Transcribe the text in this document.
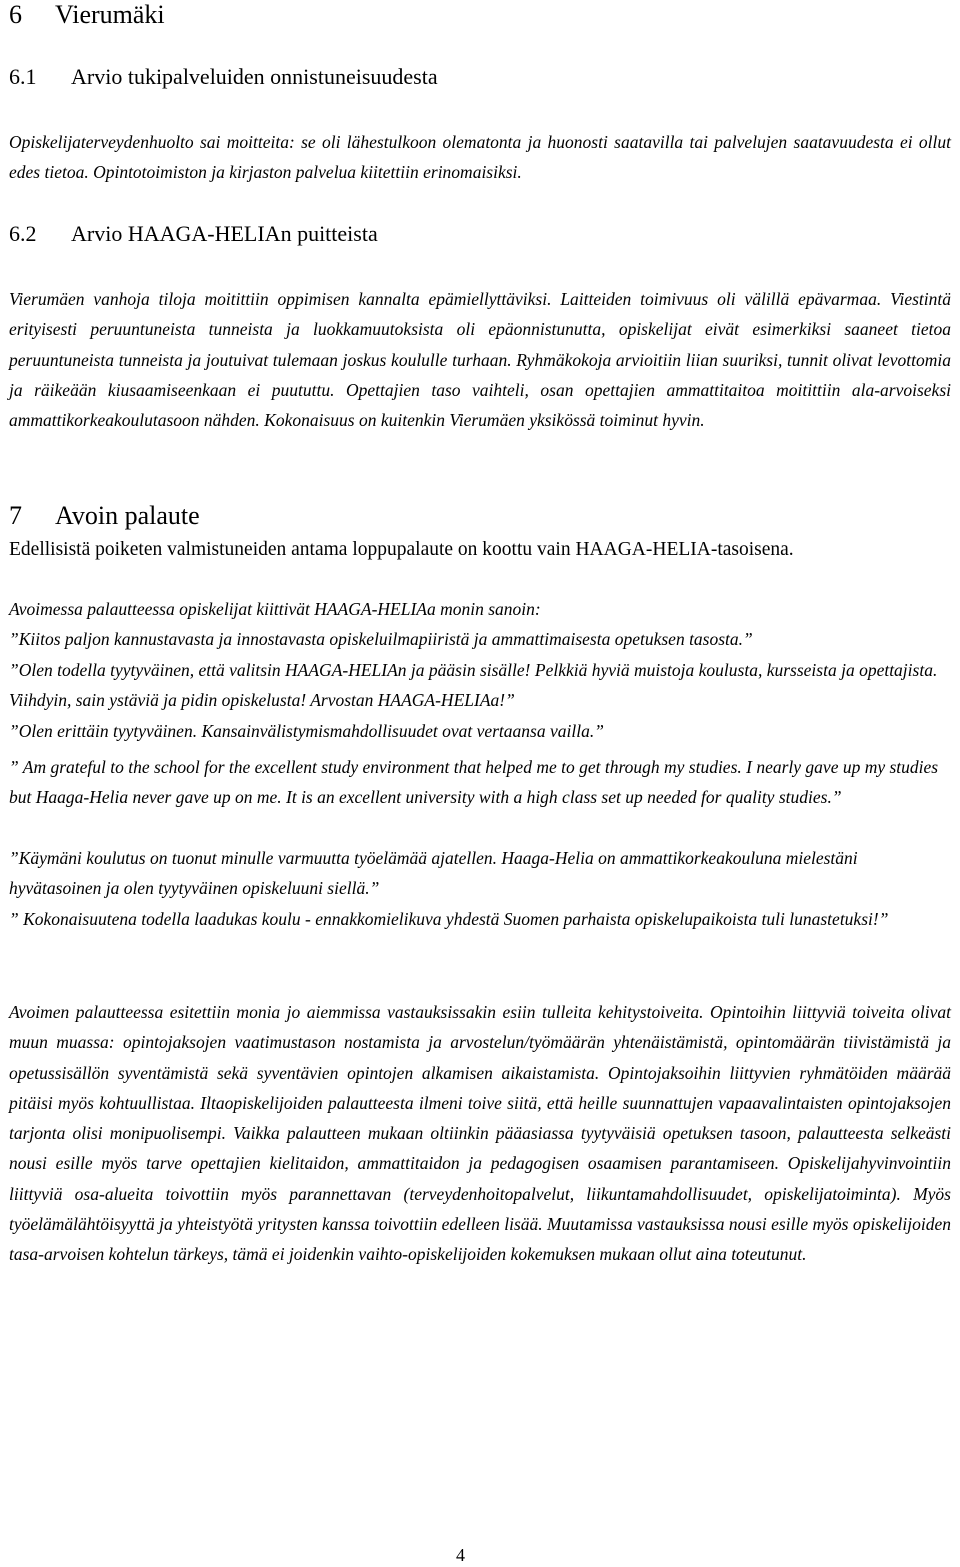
6 Vierumäki
6.1 Arvio tukipalveluiden onnistuneisuudesta
Opiskelijaterveydenhuolto sai moitteita: se oli lähestulkoon olematonta ja huonosti saatavilla tai palvelujen saatavuudesta ei ollut edes tietoa. Opintotoimiston ja kirjaston palvelua kiitettiin erinomaisiksi.
6.2 Arvio HAAGA-HELIAn puitteista
Vierumäen vanhoja tiloja moitittiin oppimisen kannalta epämiellyttäviksi. Laitteiden toimivuus oli välillä epävarmaa. Viestintä erityisesti peruuntuneista tunneista ja luokkamuutoksista oli epäonnistunutta, opiskelijat eivät esimerkiksi saaneet tietoa peruuntuneista tunneista ja joutuivat tulemaan joskus koululle turhaan. Ryhmäkokoja arvioitiin liian suuriksi, tunnit olivat levottomia ja räikeään kiusaamiseenkaan ei puututtu. Opettajien taso vaihteli, osan opettajien ammattitaitoa moitittiin ala-arvoiseksi ammattikorkeakoulutasoon nähden. Kokonaisuus on kuitenkin Vierumäen yksikössä toiminut hyvin.
7 Avoin palaute
Edellisistä poiketen valmistuneiden antama loppupalaute on koottu vain HAAGA-HELIA-tasoisena.
Avoimessa palautteessa opiskelijat kiittivät HAAGA-HELIAa monin sanoin:
”Kiitos paljon kannustavasta ja innostavasta opiskeluilmapiiristä ja ammattimaisesta opetuksen tasosta.”
”Olen todella tyytyväinen, että valitsin HAAGA-HELIAn ja pääsin sisälle! Pelkkiä hyviä muistoja koulusta, kursseista ja opettajista. Viihdyin, sain ystäviä ja pidin opiskelusta! Arvostan HAAGA-HELIAa!”
”Olen erittäin tyytyväinen. Kansainvälistymismahdollisuudet ovat vertaansa vailla.”
” Am grateful to the school for the excellent study environment that helped me to get through my studies. I nearly gave up my studies but Haaga-Helia never gave up on me. It is an excellent university with a high class set up needed for quality studies.”
”Käymäni koulutus on tuonut minulle varmuutta työelämää ajatellen. Haaga-Helia on ammattikorkeakouluna mielestäni hyvätasoinen ja olen tyytyväinen opiskeluuni siellä.”
” Kokonaisuutena todella laadukas koulu - ennakkomielikuva yhdestä Suomen parhaista opiskelupaikoista tuli lunastetuksi!”
Avoimen palautteessa esitettiin monia jo aiemmissa vastauksissakin esiin tulleita kehitystoiveita. Opintoihin liittyviä toiveita olivat muun muassa: opintojaksojen vaatimustason nostamista ja arvostelun/työmäärän yhtenäistämistä, opintomäärän tiivistämistä ja opetussisällön syventämistä sekä syventävien opintojen alkamisen aikaistamista. Opintojaksoihin liittyvien ryhmätöiden määrää pitäisi myös kohtuullistaa. Iltaopiskelijoiden palautteesta ilmeni toive siitä, että heille suunnattujen vapaavalintaisten opintojaksojen tarjonta olisi monipuolisempi. Vaikka palautteen mukaan oltiinkin pääasiassa tyytyväisiä opetuksen tasoon, palautteesta selkeästi nousi esille myös tarve opettajien kielitaidon, ammattitaidon ja pedagogisen osaamisen parantamiseen. Opiskelijahyvinvointiin liittyviä osa-alueita toivottiin myös parannettavan (terveydenhoitopalvelut, liikuntamahdollisuudet, opiskelijatoiminta). Myös työelämälähtöisyyttä ja yhteistyötä yritysten kanssa toivottiin edelleen lisää. Muutamissa vastauksissa nousi esille myös opiskelijoiden tasa-arvoisen kohtelun tärkeys, tämä ei joidenkin vaihto-opiskelijoiden kokemuksen mukaan ollut aina toteutunut.
4
